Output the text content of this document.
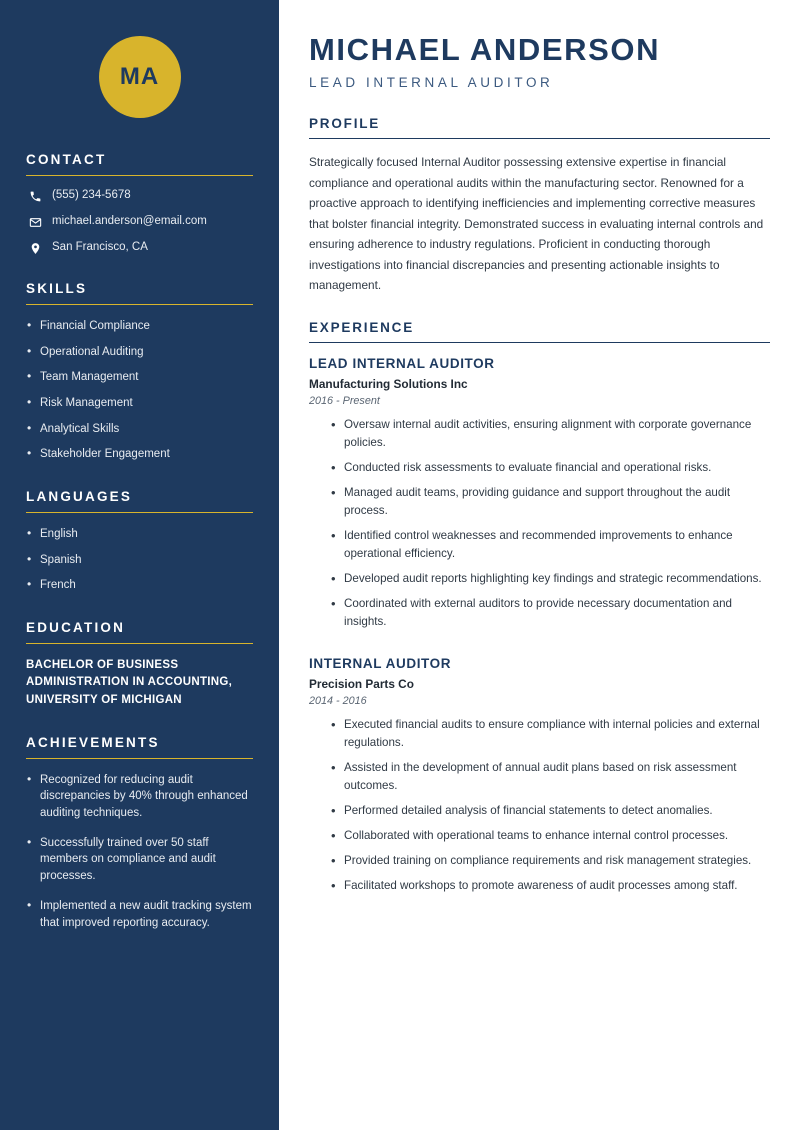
MA
CONTACT
(555) 234-5678
michael.anderson@email.com
San Francisco, CA
SKILLS
• Financial Compliance
• Operational Auditing
• Team Management
• Risk Management
• Analytical Skills
• Stakeholder Engagement
LANGUAGES
• English
• Spanish
• French
EDUCATION
BACHELOR OF BUSINESS ADMINISTRATION IN ACCOUNTING, UNIVERSITY OF MICHIGAN
ACHIEVEMENTS
• Recognized for reducing audit discrepancies by 40% through enhanced auditing techniques.
• Successfully trained over 50 staff members on compliance and audit processes.
• Implemented a new audit tracking system that improved reporting accuracy.
MICHAEL ANDERSON
LEAD INTERNAL AUDITOR
PROFILE

Strategically focused Internal Auditor possessing extensive expertise in financial compliance and operational audits within the manufacturing sector. Renowned for a proactive approach to identifying inefficiencies and implementing corrective measures that bolster financial integrity. Demonstrated success in evaluating internal controls and ensuring adherence to industry regulations. Proficient in conducting thorough investigations into financial discrepancies and presenting actionable insights to management.

EXPERIENCE
LEAD INTERNAL AUDITOR
Manufacturing Solutions Inc
2016 - Present
• Oversaw internal audit activities, ensuring alignment with corporate governance policies.
• Conducted risk assessments to evaluate financial and operational risks.
• Managed audit teams, providing guidance and support throughout the audit process.
• Identified control weaknesses and recommended improvements to enhance operational efficiency.
• Developed audit reports highlighting key findings and strategic recommendations.
• Coordinated with external auditors to provide necessary documentation and insights.
INTERNAL AUDITOR
Precision Parts Co
2014 - 2016
• Executed financial audits to ensure compliance with internal policies and external regulations.
• Assisted in the development of annual audit plans based on risk assessment outcomes.
• Performed detailed analysis of financial statements to detect anomalies.
• Collaborated with operational teams to enhance internal control processes.
• Provided training on compliance requirements and risk management strategies.
• Facilitated workshops to promote awareness of audit processes among staff.
